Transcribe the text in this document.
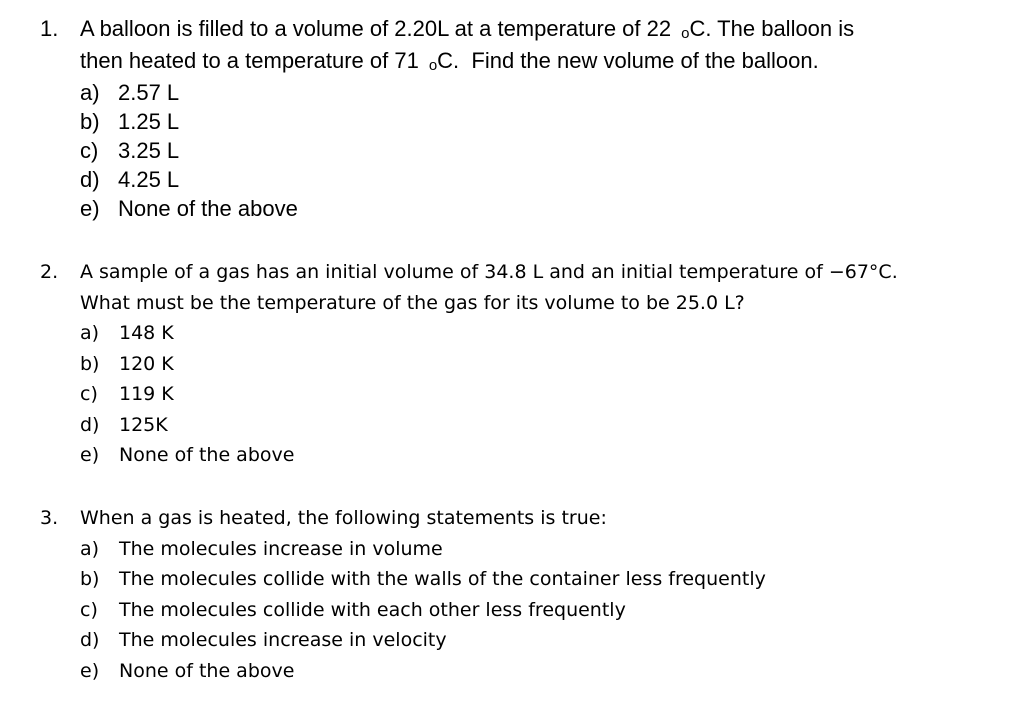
1. A balloon is filled to a volume of 2.20L at a temperature of 22 oC. The balloon is
then heated to a temperature of 71 oC.  Find the new volume of the balloon.
a) 2.57 L
b) 1.25 L
c) 3.25 L
d) 4.25 L
e) None of the above
2.	A sample of a gas has an initial volume of 34.8 L and an initial temperature of −67°C.
What must be the temperature of the gas for its volume to be 25.0 L?
a)	148 K
b)	120 K
c)	119 K
d)	125K
e)	None of the above
3.	When a gas is heated, the following statements is true:
a)	The molecules increase in volume
b)	The molecules collide with the walls of the container less frequently
c)	The molecules collide with each other less frequently
d)	The molecules increase in velocity
e)	None of the above
